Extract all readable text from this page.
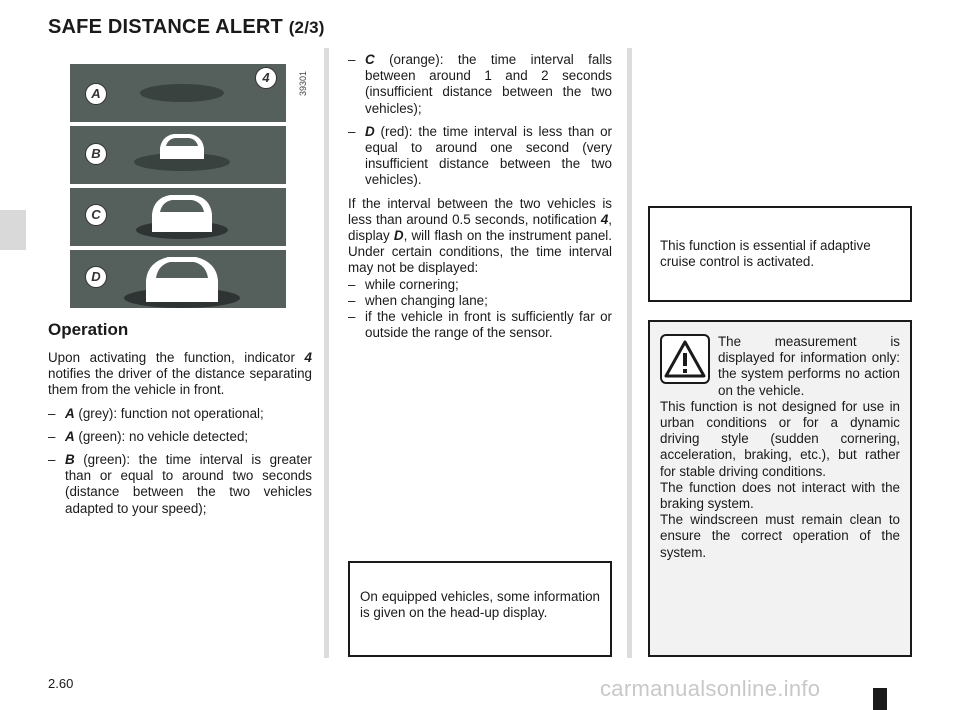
SAFE DISTANCE ALERT (2/3)
39301
4
A
B
C
D
Operation
Upon activating the function, indicator 4 notifies the driver of the distance separating them from the vehicle in front.
– A (grey): function not operational;
– A (green): no vehicle detected;
– B (green): the time interval is greater than or equal to around two seconds (distance between the two vehicles adapted to your speed);
– C (orange): the time interval falls between around 1 and 2 seconds (insufficient distance between the two vehicles);
– D (red): the time interval is less than or equal to around one second (very insufficient distance between the two vehicles).
If the interval between the two vehicles is less than around 0.5 seconds, notification 4, display D, will flash on the instrument panel. Under certain conditions, the time interval may not be displayed:
– while cornering;
– when changing lane;
– if the vehicle in front is sufficiently far or outside the range of the sensor.
On equipped vehicles, some information is given on the head-up display.
This function is essential if adaptive cruise control is activated.
The measurement is displayed for information only: the system performs no action on the vehicle.
This function is not designed for use in urban conditions or for a dynamic driving style (sudden cornering, acceleration, braking, etc.), but rather for stable driving conditions.
The function does not interact with the braking system.
The windscreen must remain clean to ensure the correct operation of the system.
2.60	carmanualsonline.info
